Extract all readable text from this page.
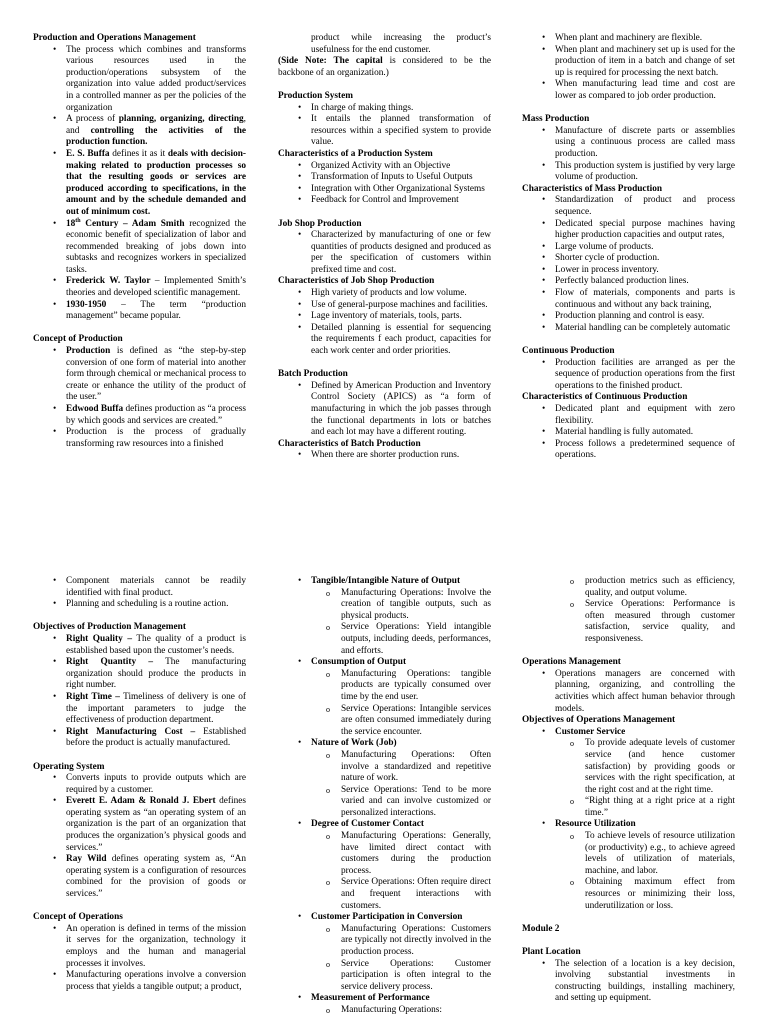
Production and Operations Management
• The process which combines and transforms various resources used in the production/operations subsystem of the organization into value added product/services in a controlled manner as per the policies of the organization
• A process of planning, organizing, directing, and controlling the activities of the production function.
• E. S. Buffa defines it as it deals with decision-making related to production processes so that the resulting goods or services are produced according to specifications, in the amount and by the schedule demanded and out of minimum cost.
• 18th Century – Adam Smith recognized the economic benefit of specialization of labor and recommended breaking of jobs down into subtasks and recognizes workers in specialized tasks.
• Frederick W. Taylor – Implemented Smith’s theories and developed scientific management.
• 1930-1950 – The term “production management” became popular.
Concept of Production
• Production is defined as “the step-by-step conversion of one form of material into another form through chemical or mechanical process to create or enhance the utility of the product of the user.”
• Edwood Buffa defines production as “a process by which goods and services are created.”
• Production is the process of gradually transforming raw resources into a finished

product while increasing the product’s usefulness for the end customer.

(Side Note: The capital is considered to be the backbone of an organization.)

Production System
• In charge of making things.
• It entails the planned transformation of resources within a specified system to provide value.
Characteristics of a Production System
• Organized Activity with an Objective
• Transformation of Inputs to Useful Outputs
• Integration with Other Organizational Systems
• Feedback for Control and Improvement
Job Shop Production
• Characterized by manufacturing of one or few quantities of products designed and produced as per the specification of customers within prefixed time and cost.
Characteristics of Job Shop Production
• High variety of products and low volume.
• Use of general-purpose machines and facilities.
• Lage inventory of materials, tools, parts.
• Detailed planning is essential for sequencing the requirements f each product, capacities for each work center and order priorities.
Batch Production
• Defined by American Production and Inventory Control Society (APICS) as “a form of manufacturing in which the job passes through the functional departments in lots or batches and each lot may have a different routing.
Characteristics of Batch Production
• When there are shorter production runs.
• When plant and machinery are flexible.
• When plant and machinery set up is used for the production of item in a batch and change of set up is required for processing the next batch.
• When manufacturing lead time and cost are lower as compared to job order production.
Mass Production
• Manufacture of discrete parts or assemblies using a continuous process are called mass production.
• This production system is justified by very large volume of production.
Characteristics of Mass Production
• Standardization of product and process sequence.
• Dedicated special purpose machines having higher production capacities and output rates,
• Large volume of products.
• Shorter cycle of production.
• Lower in process inventory.
• Perfectly balanced production lines.
• Flow of materials, components and parts is continuous and without any back training,
• Production planning and control is easy.
• Material handling can be completely automatic
Continuous Production
• Production facilities are arranged as per the sequence of production operations from the first operations to the finished product.
Characteristics of Continuous Production
• Dedicated plant and equipment with zero flexibility.
• Material handling is fully automated.
• Process follows a predetermined sequence of operations.
• Component materials cannot be readily identified with final product.
• Planning and scheduling is a routine action.
Objectives of Production Management
• Right Quality – The quality of a product is established based upon the customer’s needs.
• Right Quantity – The manufacturing organization should produce the products in right number.
• Right Time – Timeliness of delivery is one of the important parameters to judge the effectiveness of production department.
• Right Manufacturing Cost – Established before the product is actually manufactured.
Operating System
• Converts inputs to provide outputs which are required by a customer.
• Everett E. Adam & Ronald J. Ebert defines operating system as “an operating system of an organization is the part of an organization that produces the organization’s physical goods and services.”
• Ray Wild defines operating system as, “An operating system is a configuration of resources combined for the provision of goods or services.”
Concept of Operations
• An operation is defined in terms of the mission it serves for the organization, technology it employs and the human and managerial processes it involves.
• Manufacturing operations involve a conversion process that yields a tangible output; a product,
• Tangible/Intangible Nature of Output
o Manufacturing Operations: Involve the creation of tangible outputs, such as physical products.
o Service Operations: Yield intangible outputs, including deeds, performances, and efforts.
• Consumption of Output
o Manufacturing Operations: tangible products are typically consumed over time by the end user.
o Service Operations: Intangible services are often consumed immediately during the service encounter.
• Nature of Work (Job)
o Manufacturing Operations: Often involve a standardized and repetitive nature of work.
o Service Operations: Tend to be more varied and can involve customized or personalized interactions.
• Degree of Customer Contact
o Manufacturing Operations: Generally, have limited direct contact with customers during the production process.
o Service Operations: Often require direct and frequent interactions with customers.
• Customer Participation in Conversion
o Manufacturing Operations: Customers are typically not directly involved in the production process.
o Service Operations: Customer participation is often integral to the service delivery process.
• Measurement of Performance
o Manufacturing Operations:
o production metrics such as efficiency, quality, and output volume.
o Service Operations: Performance is often measured through customer satisfaction, service quality, and responsiveness.
Operations Management
• Operations managers are concerned with planning, organizing, and controlling the activities which affect human behavior through models.
Objectives of Operations Management
• Customer Service
o To provide adequate levels of customer service (and hence customer satisfaction) by providing goods or services with the right specification, at the right cost and at the right time.
o “Right thing at a right price at a right time.”
• Resource Utilization
o To achieve levels of resource utilization (or productivity) e.g., to achieve agreed levels of utilization of materials, machine, and labor.
o Obtaining maximum effect from resources or minimizing their loss, underutilization or loss.
Module 2
Plant Location
• The selection of a location is a key decision, involving substantial investments in constructing buildings, installing machinery, and setting up equipment.
